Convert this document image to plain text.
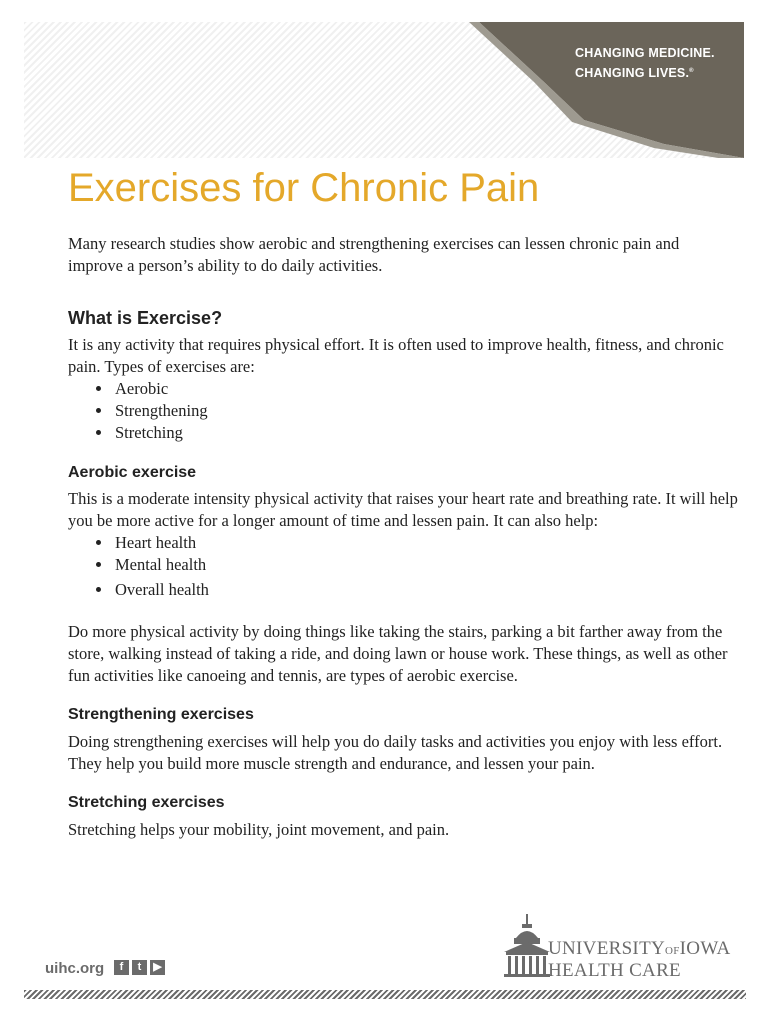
CHANGING MEDICINE.
CHANGING LIVES.®
Exercises for Chronic Pain

Many research studies show aerobic and strengthening exercises can lessen chronic pain and improve a person’s ability to do daily activities.

What is Exercise?

It is any activity that requires physical effort. It is often used to improve health, fitness, and chronic pain. Types of exercises are:

• Aerobic
• Strengthening
• Stretching
Aerobic exercise

This is a moderate intensity physical activity that raises your heart rate and breathing rate. It will help you be more active for a longer amount of time and lessen pain. It can also help:

• Heart health
• Mental health
• Overall health

Do more physical activity by doing things like taking the stairs, parking a bit farther away from the store, walking instead of taking a ride, and doing lawn or house work. These things, as well as other fun activities like canoeing and tennis, are types of aerobic exercise.

Strengthening exercises

Doing strengthening exercises will help you do daily tasks and activities you enjoy with less effort. They help you build more muscle strength and endurance, and lessen your pain.

Stretching exercises

Stretching helps your mobility, joint movement, and pain.

uihc.org	f	t	▶
UNIVERSITYOFIOWA
HEALTH CARE
